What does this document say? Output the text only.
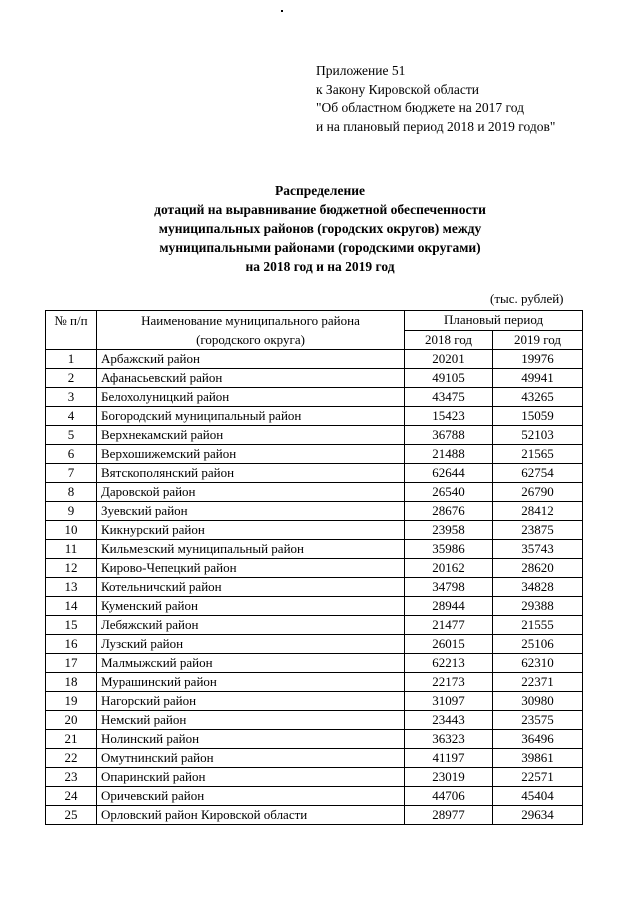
Приложение 51
к Закону Кировской области
"Об областном бюджете на 2017 год
и на плановый период 2018 и 2019 годов"
Распределение
дотаций на выравнивание бюджетной обеспеченности
муниципальных районов (городских округов) между
муниципальными районами (городскими округами)
на 2018 год и на 2019 год
(тыс. рублей)
№ п/п	Наименование муниципального района
(городского округа)	Плановый период	
		2018 год	2019 год
1	Арбажский район	20201	19976
2	Афанасьевский район	49105	49941
3	Белохолуницкий район	43475	43265
4	Богородский муниципальный район	15423	15059
5	Верхнекамский район	36788	52103
6	Верхошижемский район	21488	21565
7	Вятскополянский район	62644	62754
8	Даровской район	26540	26790
9	Зуевский район	28676	28412
10	Кикнурский район	23958	23875
11	Кильмезский муниципальный район	35986	35743
12	Кирово-Чепецкий район	20162	28620
13	Котельничский район	34798	34828
14	Куменский район	28944	29388
15	Лебяжский район	21477	21555
16	Лузский район	26015	25106
17	Малмыжский район	62213	62310
18	Мурашинский район	22173	22371
19	Нагорский район	31097	30980
20	Немский район	23443	23575
21	Нолинский район	36323	36496
22	Омутнинский район	41197	39861
23	Опаринский район	23019	22571
24	Оричевский район	44706	45404
25	Орловский район Кировской области	28977	29634
